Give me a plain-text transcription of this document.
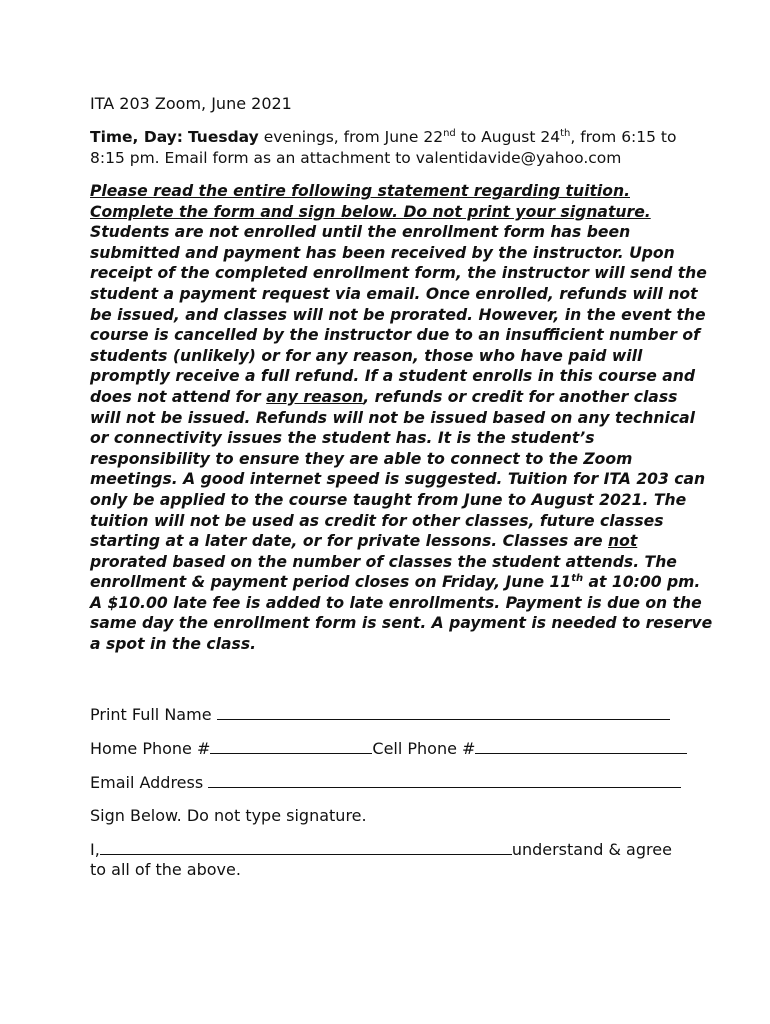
ITA 203 Zoom, June 2021
Time, Day: Tuesday evenings, from June 22nd to August 24th, from 6:15 to
8:15 pm. Email form as an attachment to valentidavide@yahoo.com
Please read the entire following statement regarding tuition.
Complete the form and sign below. Do not print your signature.
Students are not enrolled until the enrollment form has been
submitted and payment has been received by the instructor. Upon
receipt of the completed enrollment form, the instructor will send the
student a payment request via email. Once enrolled, refunds will not
be issued, and classes will not be prorated. However, in the event the
course is cancelled by the instructor due to an insufficient number of
students (unlikely) or for any reason, those who have paid will
promptly receive a full refund. If a student enrolls in this course and
does not attend for any reason, refunds or credit for another class
will not be issued. Refunds will not be issued based on any technical
or connectivity issues the student has. It is the student’s
responsibility to ensure they are able to connect to the Zoom
meetings. A good internet speed is suggested. Tuition for ITA 203 can
only be applied to the course taught from June to August 2021. The
tuition will not be used as credit for other classes, future classes
starting at a later date, or for private lessons. Classes are not
prorated based on the number of classes the student attends. The
enrollment & payment period closes on Friday, June 11th at 10:00 pm.
A $10.00 late fee is added to late enrollments. Payment is due on the
same day the enrollment form is sent. A payment is needed to reserve
a spot in the class.
Print Full Name
Home Phone #	Cell Phone #
Email Address
Sign Below. Do not type signature.
I,	understand & agree
to all of the above.
